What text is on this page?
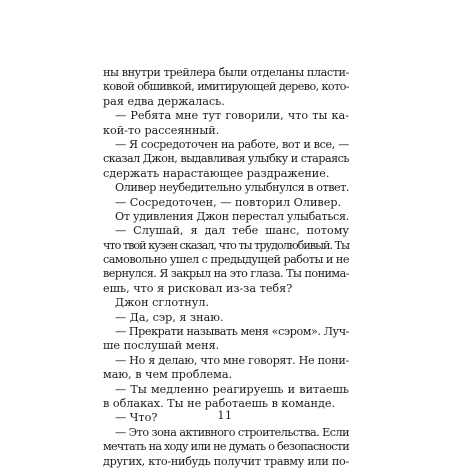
ны внутри трейлера были отделаны пласти-
ковой обшивкой, имитирующей дерево, кото-
рая едва держалась.
— Ребята мне тут говорили, что ты ка-
кой-то рассеянный.
— Я сосредоточен на работе, вот и все, —
сказал Джон, выдавливая улыбку и стараясь
сдержать нарастающее раздражение.
Оливер неубедительно улыбнулся в ответ.
— Сосредоточен, — повторил Оливер.
От удивления Джон перестал улыбаться.
— Слушай, я дал тебе шанс, потому
что твой кузен сказал, что ты трудолюбивый. Ты
самовольно ушел с предыдущей работы и не
вернулся. Я закрыл на это глаза. Ты понима-
ешь, что я рисковал из-за тебя?
Джон сглотнул.
— Да, сэр, я знаю.
— Прекрати называть меня «сэром». Луч-
ше послушай меня.
— Но я делаю, что мне говорят. Не пони-
маю, в чем проблема.
— Ты медленно реагируешь и витаешь
в облаках. Ты не работаешь в команде.
— Что?
— Это зона активного строительства. Если
мечтать на ходу или не думать о безопасности
других, кто-нибудь получит травму или по-
11
